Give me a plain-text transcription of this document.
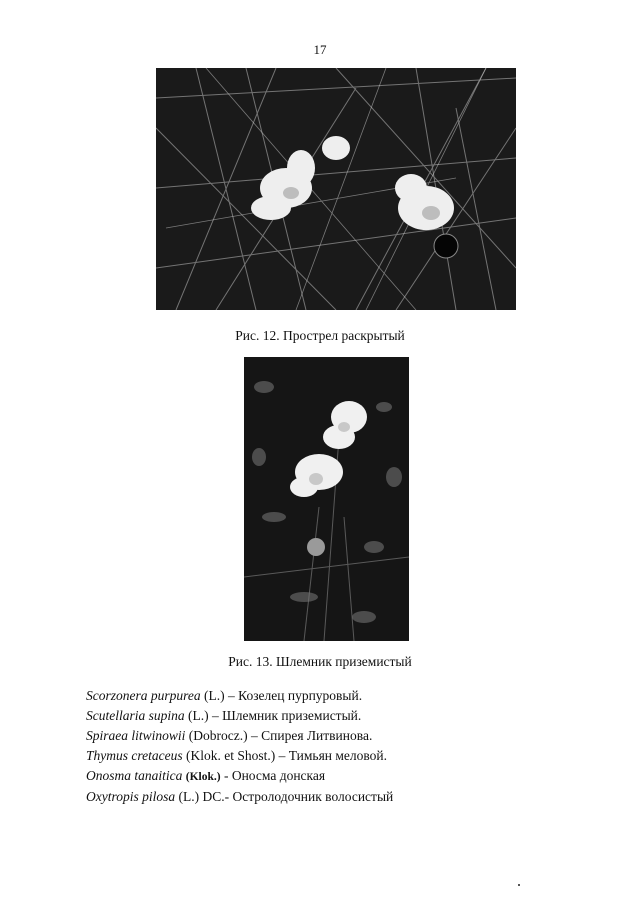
17
Рис. 12. Прострел раскрытый
Рис. 13. Шлемник приземистый
Scorzonera purpurea (L.) – Козелец пурпуровый.
Scutellaria supina (L.) – Шлемник приземистый.
Spiraea litwinowii (Dobrocz.) – Спирея Литвинова.
Thymus cretaceus (Klok. et Shost.) – Тимьян меловой.
Onosma tanaitica (Klok.) - Оносма донская
Oxytropis pilosa (L.) DC.- Остролодочник волосистый
